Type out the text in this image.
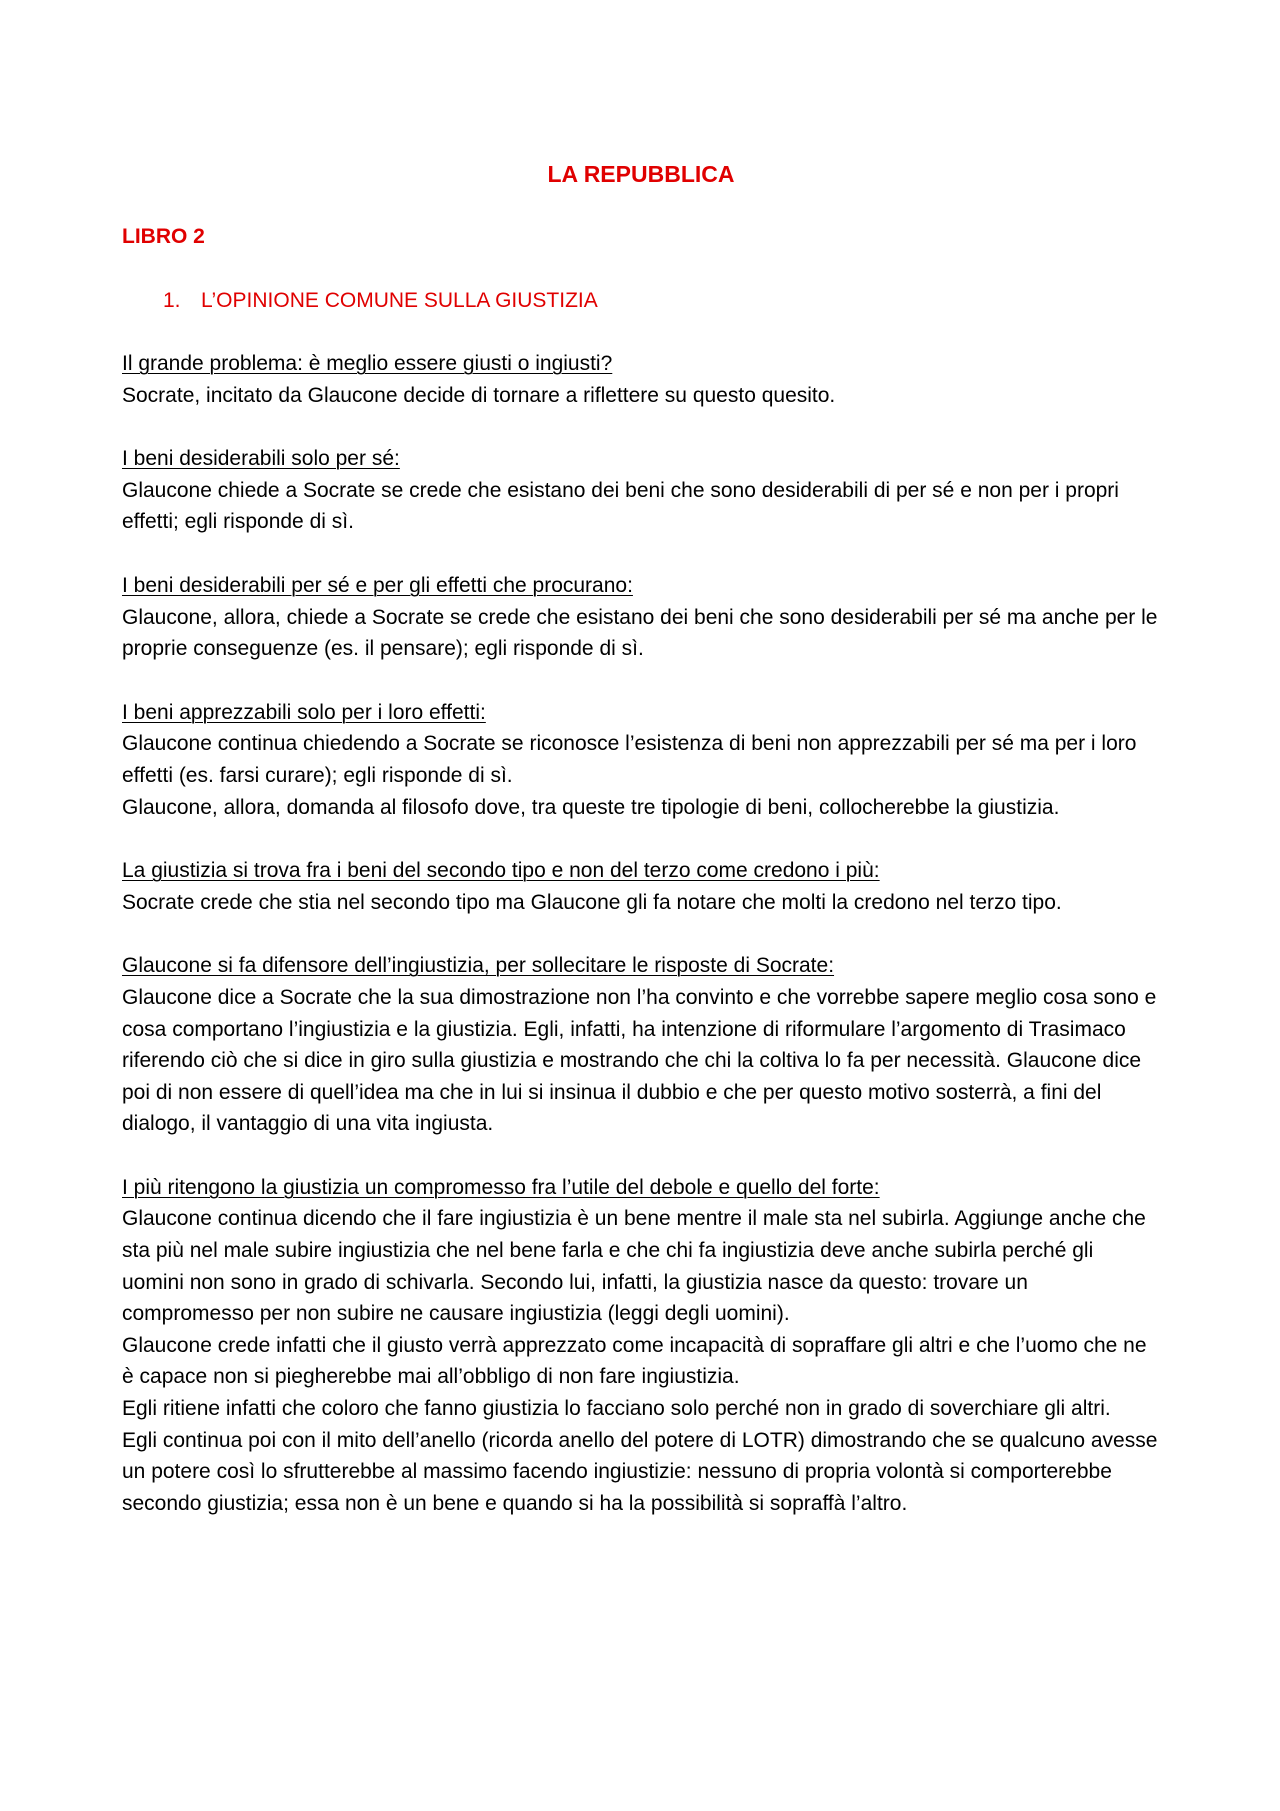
LA REPUBBLICA
LIBRO 2
1. L’OPINIONE COMUNE SULLA GIUSTIZIA
Il grande problema: è meglio essere giusti o ingiusti?

Socrate, incitato da Glaucone decide di tornare a riflettere su questo quesito.

I beni desiderabili solo per sé:

Glaucone chiede a Socrate se crede che esistano dei beni che sono desiderabili di per sé e non per i propri effetti; egli risponde di sì.

I beni desiderabili per sé e per gli effetti che procurano:

Glaucone, allora, chiede a Socrate se crede che esistano dei beni che sono desiderabili per sé ma anche per le proprie conseguenze (es. il pensare); egli risponde di sì.

I beni apprezzabili solo per i loro effetti:

Glaucone continua chiedendo a Socrate se riconosce l’esistenza di beni non apprezzabili per sé ma per i loro effetti (es. farsi curare); egli risponde di sì.

Glaucone, allora, domanda al filosofo dove, tra queste tre tipologie di beni, collocherebbe la giustizia.

La giustizia si trova fra i beni del secondo tipo e non del terzo come credono i più:

Socrate crede che stia nel secondo tipo ma Glaucone gli fa notare che molti la credono nel terzo tipo.

Glaucone si fa difensore dell’ingiustizia, per sollecitare le risposte di Socrate:

Glaucone dice a Socrate che la sua dimostrazione non l’ha convinto e che vorrebbe sapere meglio cosa sono e cosa comportano l’ingiustizia e la giustizia. Egli, infatti, ha intenzione di riformulare l’argomento di Trasimaco riferendo ciò che si dice in giro sulla giustizia e mostrando che chi la coltiva lo fa per necessità. Glaucone dice poi di non essere di quell’idea ma che in lui si insinua il dubbio e che per questo motivo sosterrà, a fini del dialogo, il vantaggio di una vita ingiusta.

I più ritengono la giustizia un compromesso fra l’utile del debole e quello del forte:

Glaucone continua dicendo che il fare ingiustizia è un bene mentre il male sta nel subirla. Aggiunge anche che sta più nel male subire ingiustizia che nel bene farla e che chi fa ingiustizia deve anche subirla perché gli uomini non sono in grado di schivarla. Secondo lui, infatti, la giustizia nasce da questo: trovare un compromesso per non subire ne causare ingiustizia (leggi degli uomini).

Glaucone crede infatti che il giusto verrà apprezzato come incapacità di sopraffare gli altri e che l’uomo che ne è capace non si piegherebbe mai all’obbligo di non fare ingiustizia.

Egli ritiene infatti che coloro che fanno giustizia lo facciano solo perché non in grado di soverchiare gli altri.

Egli continua poi con il mito dell’anello (ricorda anello del potere di LOTR) dimostrando che se qualcuno avesse un potere così lo sfrutterebbe al massimo facendo ingiustizie: nessuno di propria volontà si comporterebbe secondo giustizia; essa non è un bene e quando si ha la possibilità si sopraffà l’altro.
